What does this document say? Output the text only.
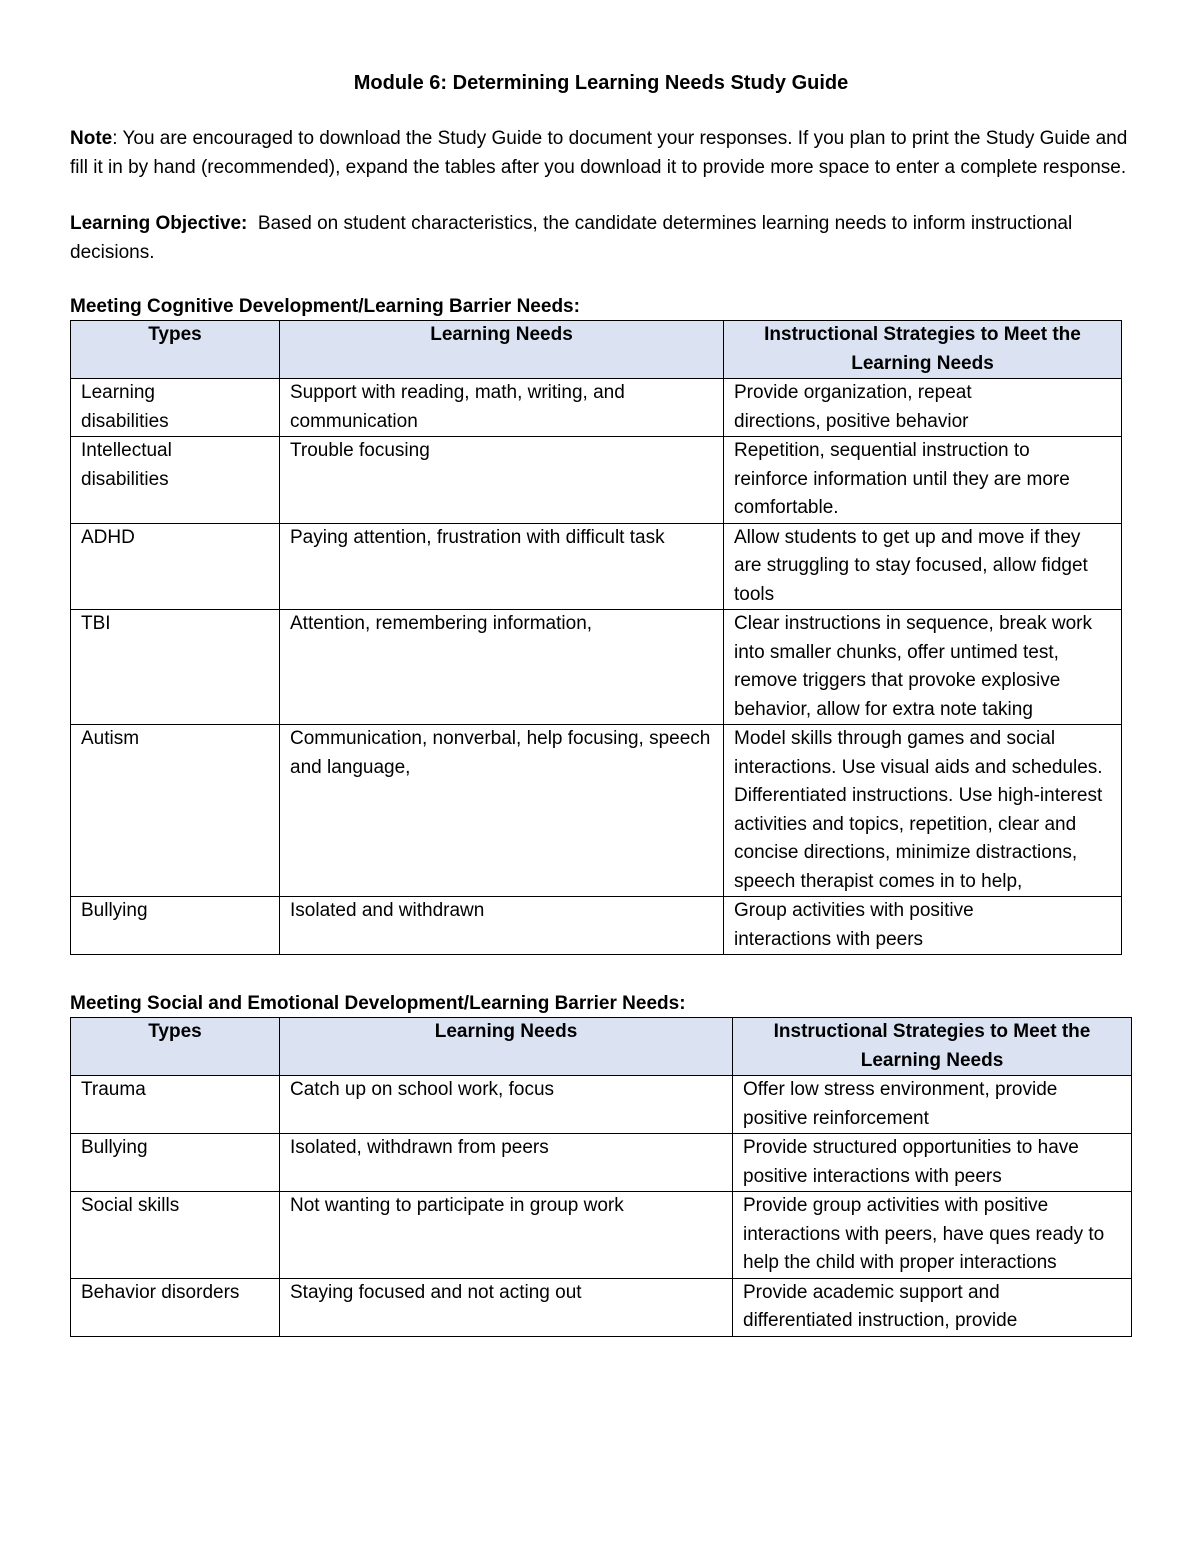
Module 6: Determining Learning Needs Study Guide

Note: You are encouraged to download the Study Guide to document your responses. If you plan to print the Study Guide and fill it in by hand (recommended), expand the tables after you download it to provide more space to enter a complete response.

Learning Objective:  Based on student characteristics, the candidate determines learning needs to inform instructional decisions.

Meeting Cognitive Development/Learning Barrier Needs:
Types	Learning Needs	Instructional Strategies to Meet the Learning Needs
Learning disabilities	Support with reading, math, writing, and communication	Provide organization, repeat directions, positive behavior
Intellectual disabilities	Trouble focusing	Repetition, sequential instruction to reinforce information until they are more comfortable.
ADHD	Paying attention, frustration with difficult task	Allow students to get up and move if they are struggling to stay focused, allow fidget tools
TBI	Attention, remembering information,	Clear instructions in sequence, break work into smaller chunks, offer untimed test, remove triggers that provoke explosive behavior, allow for extra note taking
Autism	Communication, nonverbal, help focusing, speech and language,	Model skills through games and social interactions. Use visual aids and schedules. Differentiated instructions. Use high-interest activities and topics, repetition, clear and concise directions, minimize distractions, speech therapist comes in to help,
Bullying	Isolated and withdrawn	Group activities with positive interactions with peers
Meeting Social and Emotional Development/Learning Barrier Needs:
Types	Learning Needs	Instructional Strategies to Meet the Learning Needs
Trauma	Catch up on school work, focus	Offer low stress environment, provide positive reinforcement
Bullying	Isolated, withdrawn from peers	Provide structured opportunities to have positive interactions with peers
Social skills	Not wanting to participate in group work	Provide group activities with positive interactions with peers, have ques ready to help the child with proper interactions
Behavior disorders	Staying focused and not acting out	Provide academic support and differentiated instruction, provide
